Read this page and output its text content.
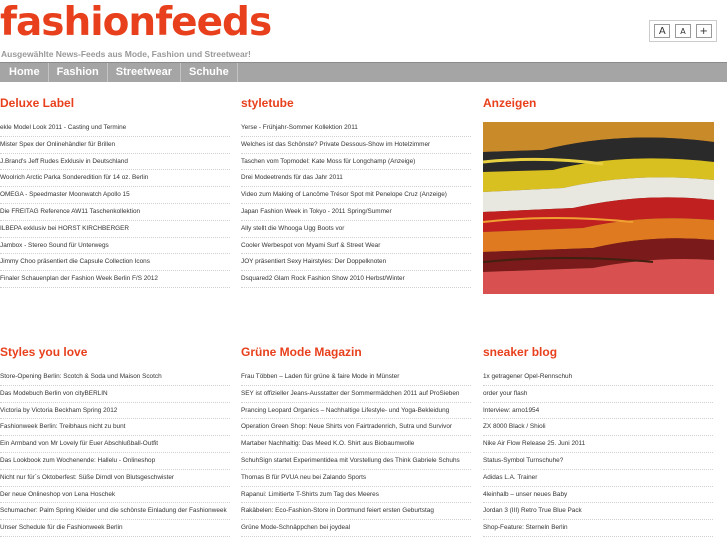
fashionfeeds
Ausgewählte News-Feeds aus Mode, Fashion und Streetwear!
A	A	+
Home	Fashion	Streetwear	Schuhe
Deluxe Label
ekle Model Look 2011 - Casting und Termine
Mister Spex der Onlinehändler für Brillen
J.Brand's Jeff Rudes Exklusiv in Deutschland
Woolrich Arctic Parka Sonderedition für 14 oz. Berlin
OMEGA - Speedmaster Moonwatch Apollo 15
Die FREITAG Reference AW11 Taschenkollektion
ILBEPA exklusiv bei HORST KIRCHBERGER
Jambox - Stereo Sound für Unterwegs
Jimmy Choo präsentiert die Capsule Collection Icons
Finaler Schauenplan der Fashion Week Berlin F/S 2012
styletube
Yerse - Frühjahr-Sommer Kollektion 2011
Welches ist das Schönste? Private Dessous-Show im Hotelzimmer
Taschen vom Topmodel: Kate Moss für Longchamp (Anzeige)
Drei Modeetrends für das Jahr 2011
Video zum Making of Lancôme Trésor Spot mit Penelope Cruz (Anzeige)
Japan Fashion Week in Tokyo - 2011 Spring/Summer
Ally stellt die Whooga Ugg Boots vor
Cooler Werbespot von Myami Surf & Street Wear
JOY präsentiert Sexy Hairstyles: Der Doppelknoten
Dsquared2 Glam Rock Fashion Show 2010 Herbst/Winter
Anzeigen
Styles you love
Store-Opening Berlin: Scotch & Soda und Maison Scotch
Das Modebuch Berlin von cityBERLIN
Victoria by Victoria Beckham Spring 2012
Fashionweek Berlin: Treibhaus nicht zu bunt
Ein Armband von Mr Lovely für Euer Abschlußball-Outfit
Das Lookbook zum Wochenende: Hallelu - Onlineshop
Nicht nur für´s Oktoberfest: Süße Dirndl von Blutsgeschwister
Der neue Onlineshop von Lena Hoschek
Schumacher: Palm Spring Kleider und die schönste Einladung der Fashionweek
Unser Schedule für die Fashionweek Berlin
Grüne Mode Magazin
Frau Többen – Laden für grüne & faire Mode in Münster
SEY ist offizieller Jeans-Ausstatter der Sommermädchen 2011 auf ProSieben
Prancing Leopard Organics – Nachhaltige Lifestyle- und Yoga-Bekleidung
Operation Green Shop: Neue Shirts von Fairtradenrich, Sutra und Survivor
Martaber Nachhaltig: Das Meed K.O. Shirt aus Biobaumwolle
SchuhSign startet Experimentidea mit Vorstellung des Think Gabriele Schuhs
Thomas B für PVUA neu bei Zalando Sports
Rapanui: Limitierte T-Shirts zum Tag des Meeres
Rakäbelen: Eco-Fashion-Store in Dortmund feiert ersten Geburtstag
Grüne Mode-Schnäppchen bei joydeal
sneaker blog
1x getragener Opel-Rennschuh
order your flash
Interview: arno1954
ZX 8000 Black / Shioli
Nike Air Flow Release 25. Juni 2011
Status-Symbol Turnschuhe?
Adidas L.A. Trainer
4leinhalb – unser neues Baby
Jordan 3 (III) Retro True Blue Pack
Shop-Feature: Sterneln Berlin
